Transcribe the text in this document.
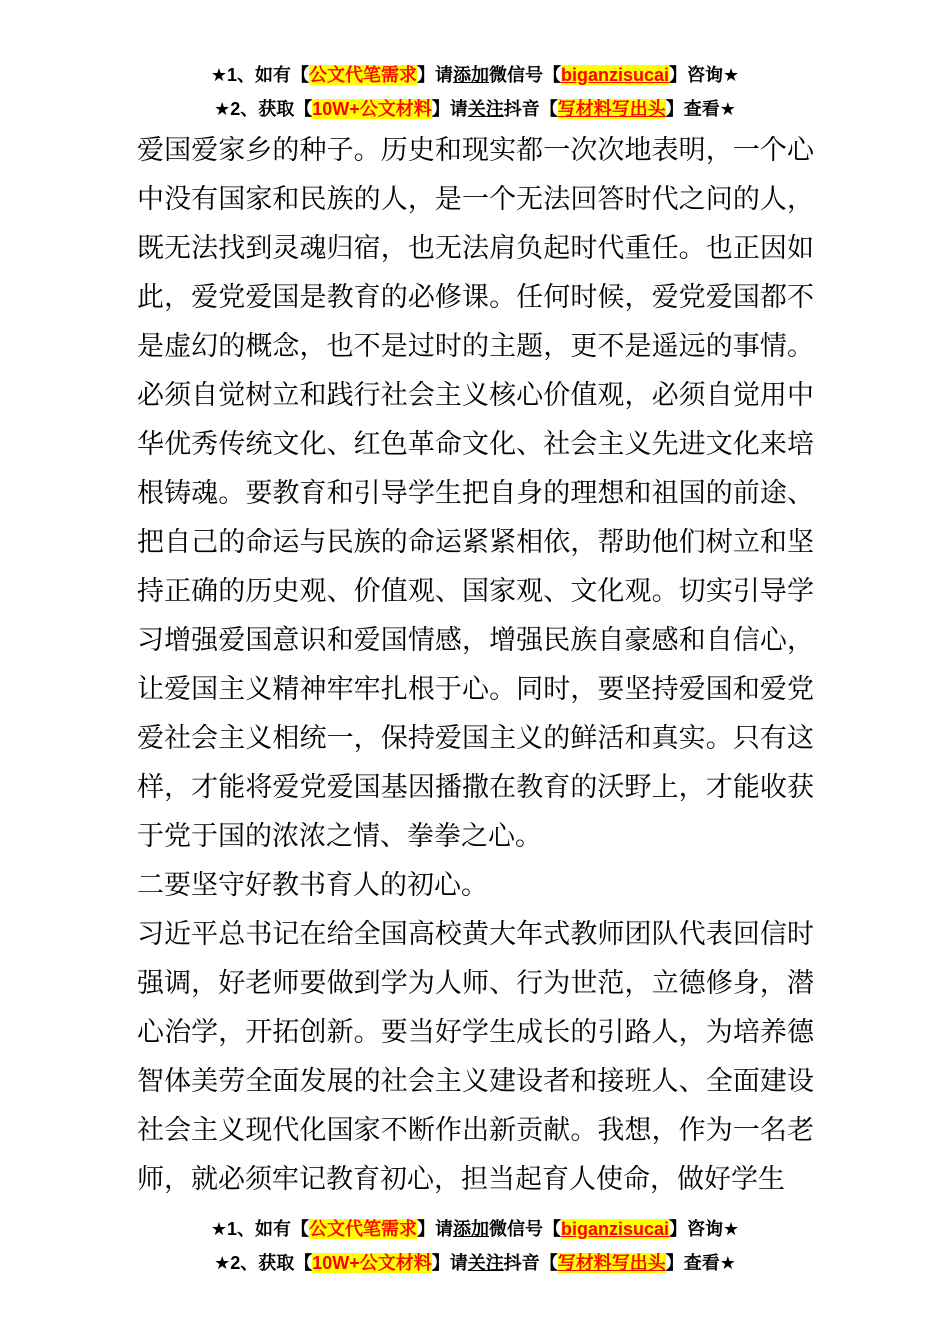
★1、如有【公文代笔需求】请添加微信号【biganzisucai】咨询★
★2、获取【10W+公文材料】请关注抖音【写材料写出头】查看★

爱国爱家乡的种子。历史和现实都一次次地表明，一个心中没有国家和民族的人，是一个无法回答时代之问的人，既无法找到灵魂归宿，也无法肩负起时代重任。也正因如此，爱党爱国是教育的必修课。任何时候，爱党爱国都不是虚幻的概念，也不是过时的主题，更不是遥远的事情。必须自觉树立和践行社会主义核心价值观，必须自觉用中华优秀传统文化、红色革命文化、社会主义先进文化来培根铸魂。要教育和引导学生把自身的理想和祖国的前途、把自己的命运与民族的命运紧紧相依，帮助他们树立和坚持正确的历史观、价值观、国家观、文化观。切实引导学习增强爱国意识和爱国情感，增强民族自豪感和自信心，让爱国主义精神牢牢扎根于心。同时，要坚持爱国和爱党爱社会主义相统一，保持爱国主义的鲜活和真实。只有这样，才能将爱党爱国基因播撒在教育的沃野上，才能收获于党于国的浓浓之情、拳拳之心。

二要坚守好教书育人的初心。

习近平总书记在给全国高校黄大年式教师团队代表回信时强调，好老师要做到学为人师、行为世范，立德修身，潜心治学，开拓创新。要当好学生成长的引路人，为培养德智体美劳全面发展的社会主义建设者和接班人、全面建设社会主义现代化国家不断作出新贡献。我想，作为一名老师，就必须牢记教育初心，担当起育人使命，做好学生

★1、如有【公文代笔需求】请添加微信号【biganzisucai】咨询★
★2、获取【10W+公文材料】请关注抖音【写材料写出头】查看★
